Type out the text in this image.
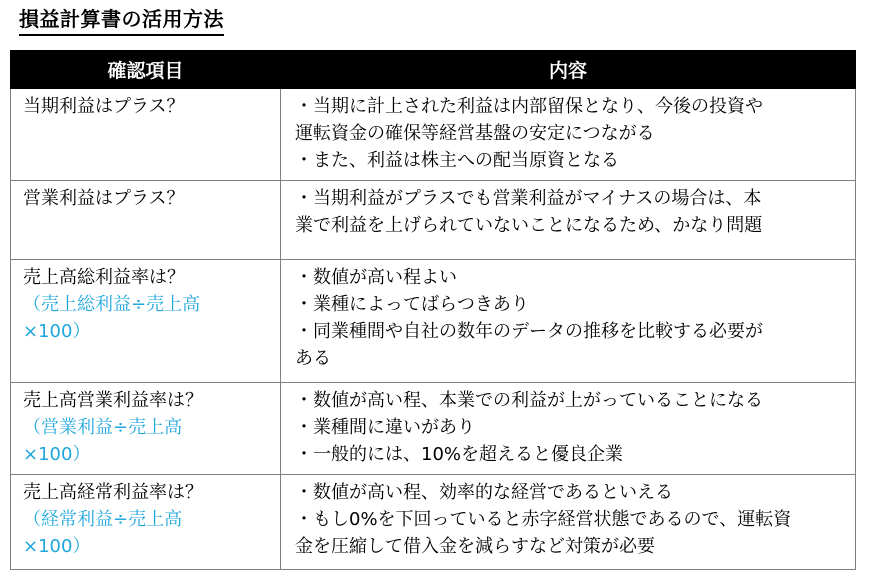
損益計算書の活用方法
確認項目	内容

当期利益はプラス？	・当期に計上された利益は内部留保となり、今後の投資や
運転資金の確保等経営基盤の安定につながる
・また、利益は株主への配当原資となる

営業利益はプラス？	・当期利益がプラスでも営業利益がマイナスの場合は、本
業で利益を上げられていないことになるため、かなり問題

売上高総利益率は？
（売上総利益÷売上高
×100）	・数値が高い程よい
・業種によってばらつきあり
・同業種間や自社の数年のデータの推移を比較する必要が
ある

売上高営業利益率は？
（営業利益÷売上高
×100）	・数値が高い程、本業での利益が上がっていることになる
・業種間に違いがあり
・一般的には、10%を超えると優良企業

売上高経常利益率は？
（経常利益÷売上高
×100）	・数値が高い程、効率的な経営であるといえる
・もし0%を下回っていると赤字経営状態であるので、運転資
金を圧縮して借入金を減らすなど対策が必要
